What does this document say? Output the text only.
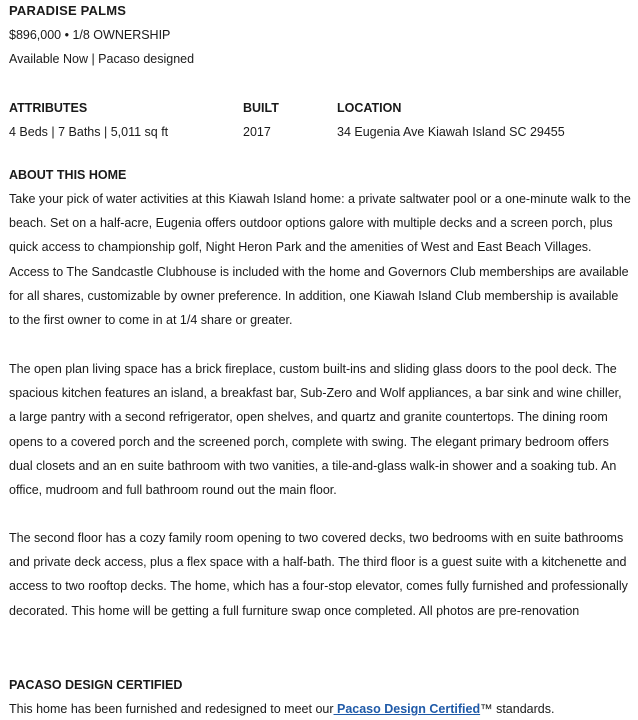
PARADISE PALMS

$896,000 • 1/8 OWNERSHIP

Available Now | Pacaso designed

ATTRIBUTES

4 Beds | 7 Baths | 5,011 sq ft

BUILT

2017

LOCATION

34 Eugenia Ave Kiawah Island SC 29455

ABOUT THIS HOME

Take your pick of water activities at this Kiawah Island home: a private saltwater pool or a one-minute walk to the beach. Set on a half-acre, Eugenia offers outdoor options galore with multiple decks and a screen porch, plus quick access to championship golf, Night Heron Park and the amenities of West and East Beach Villages. Access to The Sandcastle Clubhouse is included with the home and Governors Club memberships are available for all shares, customizable by owner preference. In addition, one Kiawah Island Club membership is available to the first owner to come in at 1/4 share or greater.

The open plan living space has a brick fireplace, custom built-ins and sliding glass doors to the pool deck. The spacious kitchen features an island, a breakfast bar, Sub-Zero and Wolf appliances, a bar sink and wine chiller, a large pantry with a second refrigerator, open shelves, and quartz and granite countertops. The dining room opens to a covered porch and the screened porch, complete with swing. The elegant primary bedroom offers dual closets and an en suite bathroom with two vanities, a tile-and-glass walk-in shower and a soaking tub. An office, mudroom and full bathroom round out the main floor.

The second floor has a cozy family room opening to two covered decks, two bedrooms with en suite bathrooms and private deck access, plus a flex space with a half-bath. The third floor is a guest suite with a kitchenette and access to two rooftop decks. The home, which has a four-stop elevator, comes fully furnished and professionally decorated. This home will be getting a full furniture swap once completed. All photos are pre-renovation

PACASO DESIGN CERTIFIED

This home has been furnished and redesigned to meet our Pacaso Design Certified™ standards.
